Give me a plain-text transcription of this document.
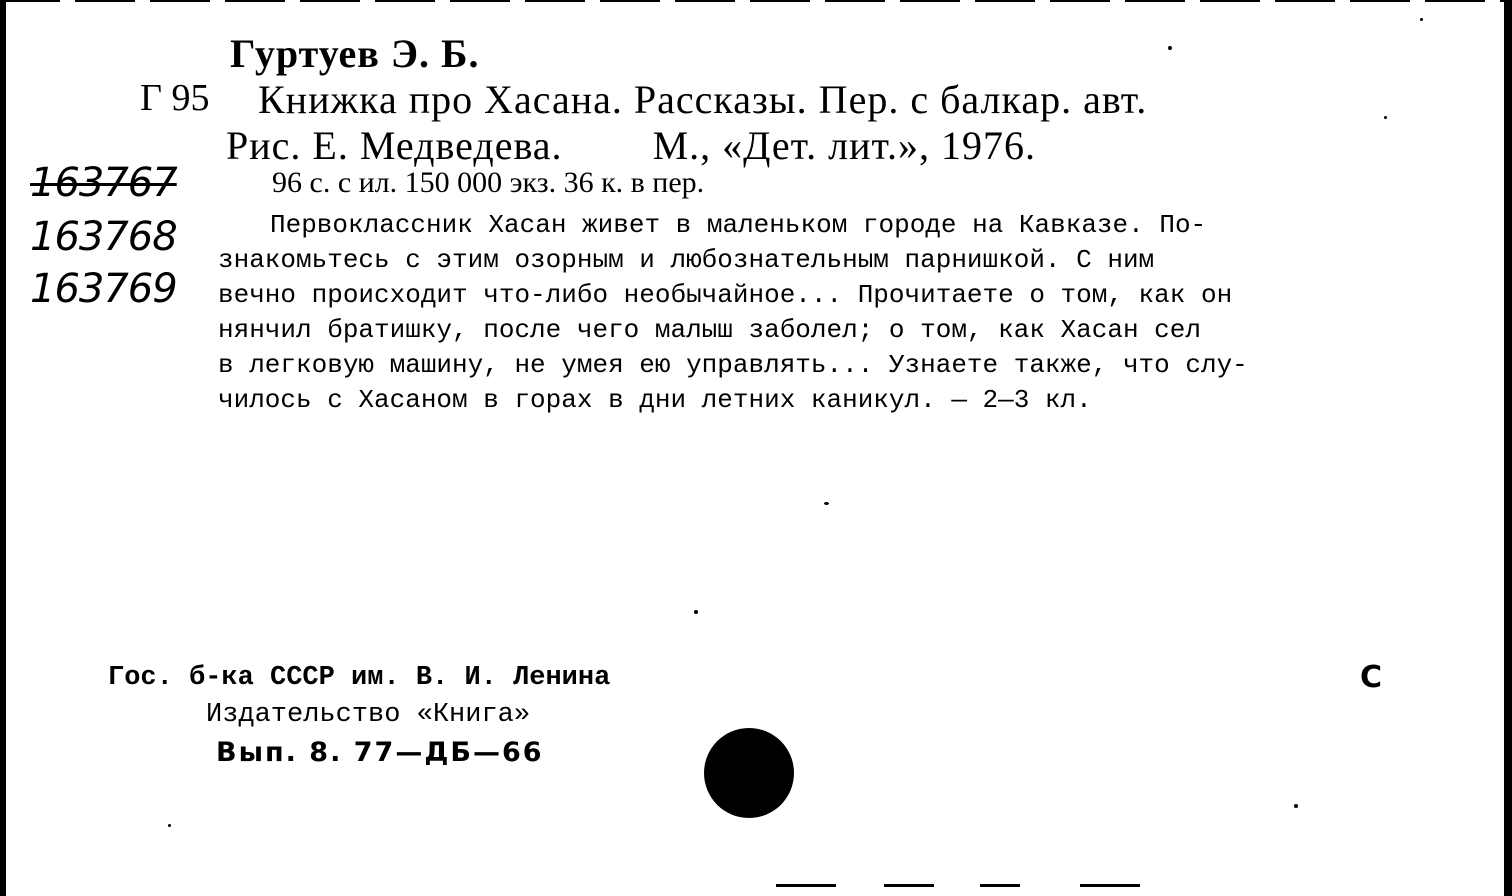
Гуртуев Э. Б.
Г 95 Книжка про Хасана. Рассказы. Пер. с балкар. авт.
Рис. Е. Медведева. М., «Дет. лит.», 1976.
96 с. с ил. 150 000 экз. 36 к. в пер.
163767
163768
163769
Первоклассник Хасан живет в маленьком городе на Кавказе. По-
знакомьтесь с этим озорным и любознательным парнишкой. С ним
вечно происходит что-либо необычайное... Прочитаете о том, как он
нянчил братишку, после чего малыш заболел; о том, как Хасан сел
в легковую машину, не умея ею управлять... Узнаете также, что слу-
чилось с Хасаном в горах в дни летних каникул. — 2—3 кл.
Гос. б-ка СССР им. В. И. Ленина
Издательство «Книга»
Вып. 8. 77—ДБ—66
С
